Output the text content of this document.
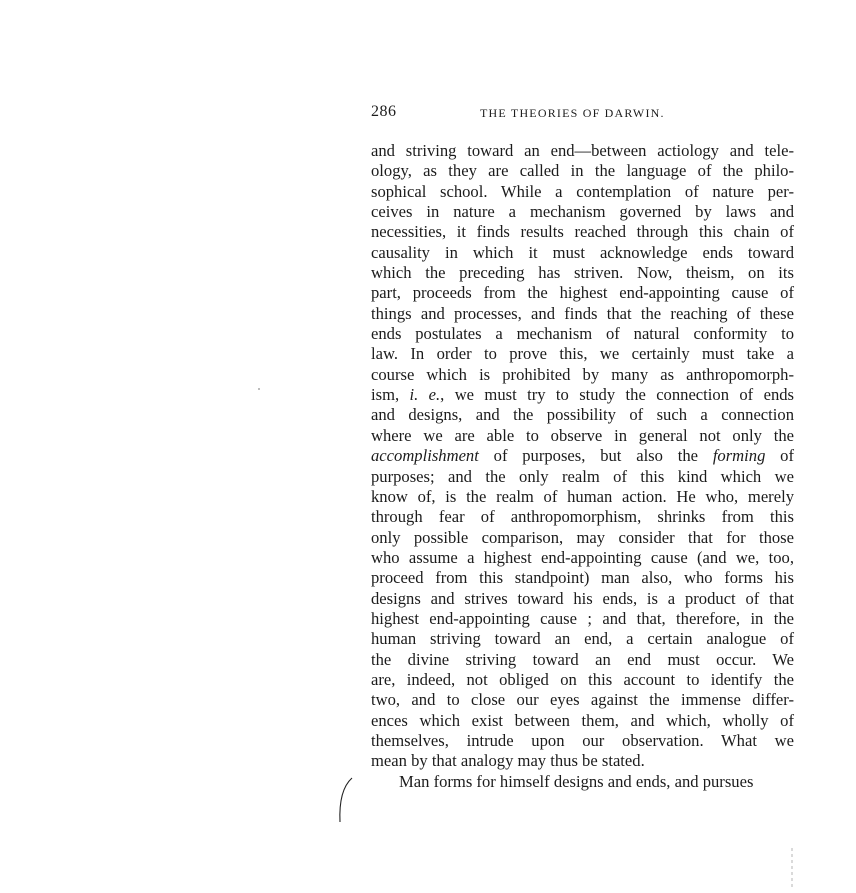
286	THE THEORIES OF DARWIN.
and striving toward an end—between actiology and tele-
ology, as they are called in the language of the philo-
sophical school. While a contemplation of nature per-
ceives in nature a mechanism governed by laws and
necessities, it finds results reached through this chain of
causality in which it must acknowledge ends toward
which the preceding has striven. Now, theism, on its
part, proceeds from the highest end-appointing cause of
things and processes, and finds that the reaching of these
ends postulates a mechanism of natural conformity to
law. In order to prove this, we certainly must take a
course which is prohibited by many as anthropomorph-
ism, i. e., we must try to study the connection of ends
and designs, and the possibility of such a connection
where we are able to observe in general not only the
accomplishment of purposes, but also the forming of
purposes; and the only realm of this kind which we
know of, is the realm of human action. He who, merely
through fear of anthropomorphism, shrinks from this
only possible comparison, may consider that for those
who assume a highest end-appointing cause (and we, too,
proceed from this standpoint) man also, who forms his
designs and strives toward his ends, is a product of that
highest end-appointing cause ; and that, therefore, in the
human striving toward an end, a certain analogue of
the divine striving toward an end must occur. We
are, indeed, not obliged on this account to identify the
two, and to close our eyes against the immense differ-
ences which exist between them, and which, wholly of
themselves, intrude upon our observation. What we
mean by that analogy may thus be stated.
Man forms for himself designs and ends, and pursues
